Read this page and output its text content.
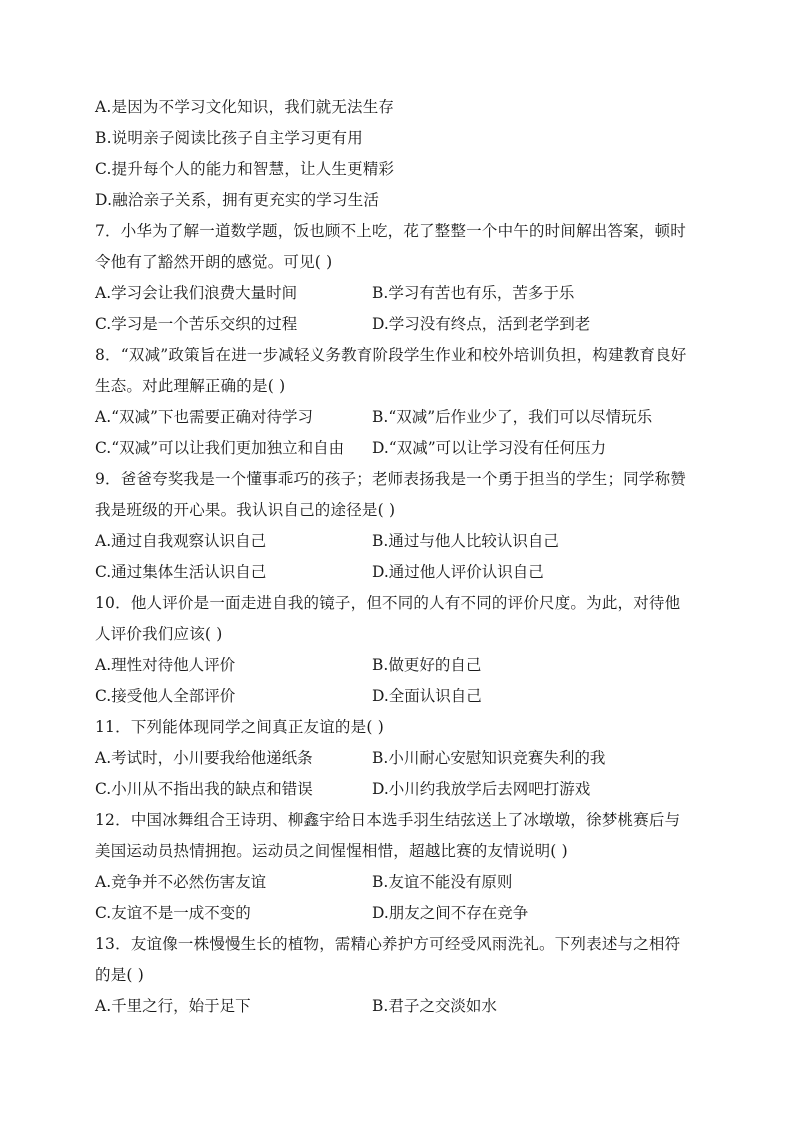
A.是因为不学习文化知识，我们就无法生存
B.说明亲子阅读比孩子自主学习更有用
C.提升每个人的能力和智慧，让人生更精彩
D.融洽亲子关系，拥有更充实的学习生活
7．小华为了解一道数学题，饭也顾不上吃，花了整整一个中午的时间解出答案，顿时
令他有了豁然开朗的感觉。可见( )
A.学习会让我们浪费大量时间	B.学习有苦也有乐，苦多于乐
C.学习是一个苦乐交织的过程	D.学习没有终点，活到老学到老
8．“双减”政策旨在进一步减轻义务教育阶段学生作业和校外培训负担，构建教育良好
生态。对此理解正确的是( )
A.“双减”下也需要正确对待学习	B.“双减”后作业少了，我们可以尽情玩乐
C.“双减”可以让我们更加独立和自由	D.“双减”可以让学习没有任何压力
9．爸爸夸奖我是一个懂事乖巧的孩子；老师表扬我是一个勇于担当的学生；同学称赞
我是班级的开心果。我认识自己的途径是( )
A.通过自我观察认识自己	B.通过与他人比较认识自己
C.通过集体生活认识自己	D.通过他人评价认识自己
10．他人评价是一面走进自我的镜子，但不同的人有不同的评价尺度。为此，对待他
人评价我们应该( )
A.理性对待他人评价	B.做更好的自己
C.接受他人全部评价	D.全面认识自己
11．下列能体现同学之间真正友谊的是( )
A.考试时，小川要我给他递纸条	B.小川耐心安慰知识竞赛失利的我
C.小川从不指出我的缺点和错误	D.小川约我放学后去网吧打游戏
12．中国冰舞组合王诗玥、柳鑫宇给日本选手羽生结弦送上了冰墩墩，徐梦桃赛后与
美国运动员热情拥抱。运动员之间惺惺相惜，超越比赛的友情说明( )
A.竞争并不必然伤害友谊	B.友谊不能没有原则
C.友谊不是一成不变的	D.朋友之间不存在竞争
13．友谊像一株慢慢生长的植物，需精心养护方可经受风雨洗礼。下列表述与之相符
的是( )
A.千里之行，始于足下	B.君子之交淡如水
